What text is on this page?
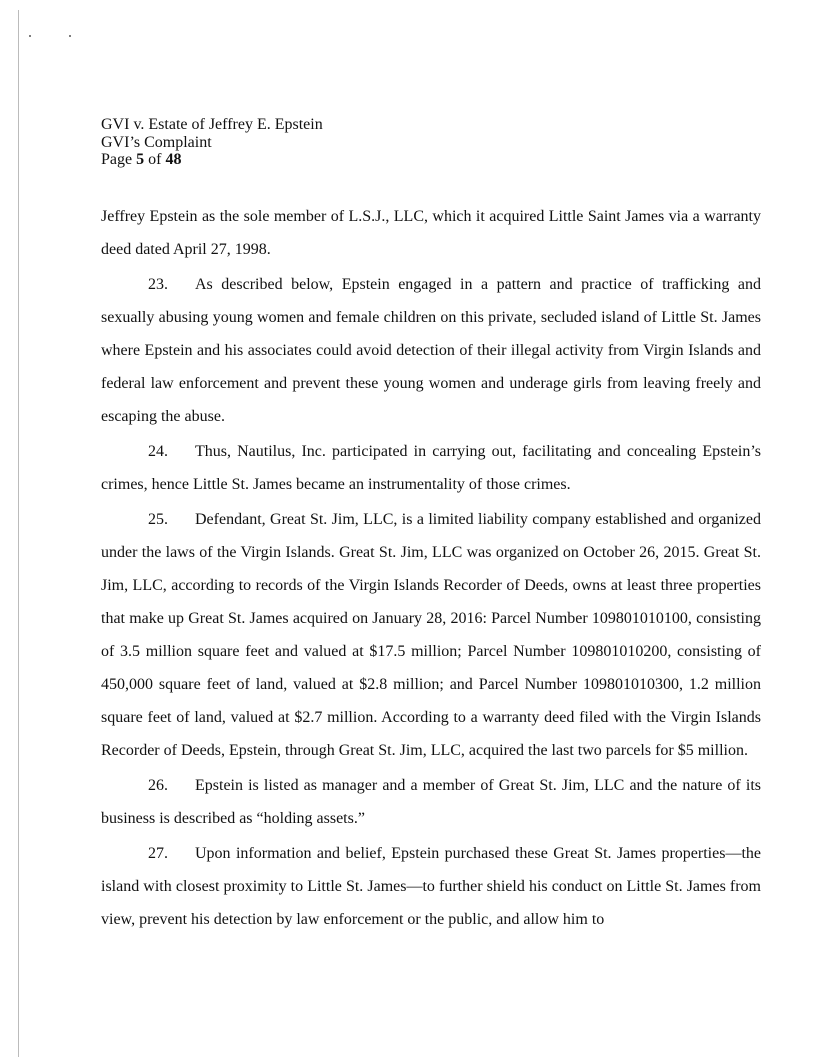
GVI v. Estate of Jeffrey E. Epstein
GVI’s Complaint
Page 5 of 48

Jeffrey Epstein as the sole member of L.S.J., LLC, which it acquired Little Saint James via a warranty deed dated April 27, 1998.

23. As described below, Epstein engaged in a pattern and practice of trafficking and sexually abusing young women and female children on this private, secluded island of Little St. James where Epstein and his associates could avoid detection of their illegal activity from Virgin Islands and federal law enforcement and prevent these young women and underage girls from leaving freely and escaping the abuse.

24. Thus, Nautilus, Inc. participated in carrying out, facilitating and concealing Epstein’s crimes, hence Little St. James became an instrumentality of those crimes.

25. Defendant, Great St. Jim, LLC, is a limited liability company established and organized under the laws of the Virgin Islands. Great St. Jim, LLC was organized on October 26, 2015. Great St. Jim, LLC, according to records of the Virgin Islands Recorder of Deeds, owns at least three properties that make up Great St. James acquired on January 28, 2016: Parcel Number 109801010100, consisting of 3.5 million square feet and valued at $17.5 million; Parcel Number 109801010200, consisting of 450,000 square feet of land, valued at $2.8 million; and Parcel Number 109801010300, 1.2 million square feet of land, valued at $2.7 million. According to a warranty deed filed with the Virgin Islands Recorder of Deeds, Epstein, through Great St. Jim, LLC, acquired the last two parcels for $5 million.

26. Epstein is listed as manager and a member of Great St. Jim, LLC and the nature of its business is described as “holding assets.”

27. Upon information and belief, Epstein purchased these Great St. James properties—the island with closest proximity to Little St. James—to further shield his conduct on Little St. James from view, prevent his detection by law enforcement or the public, and allow him to
